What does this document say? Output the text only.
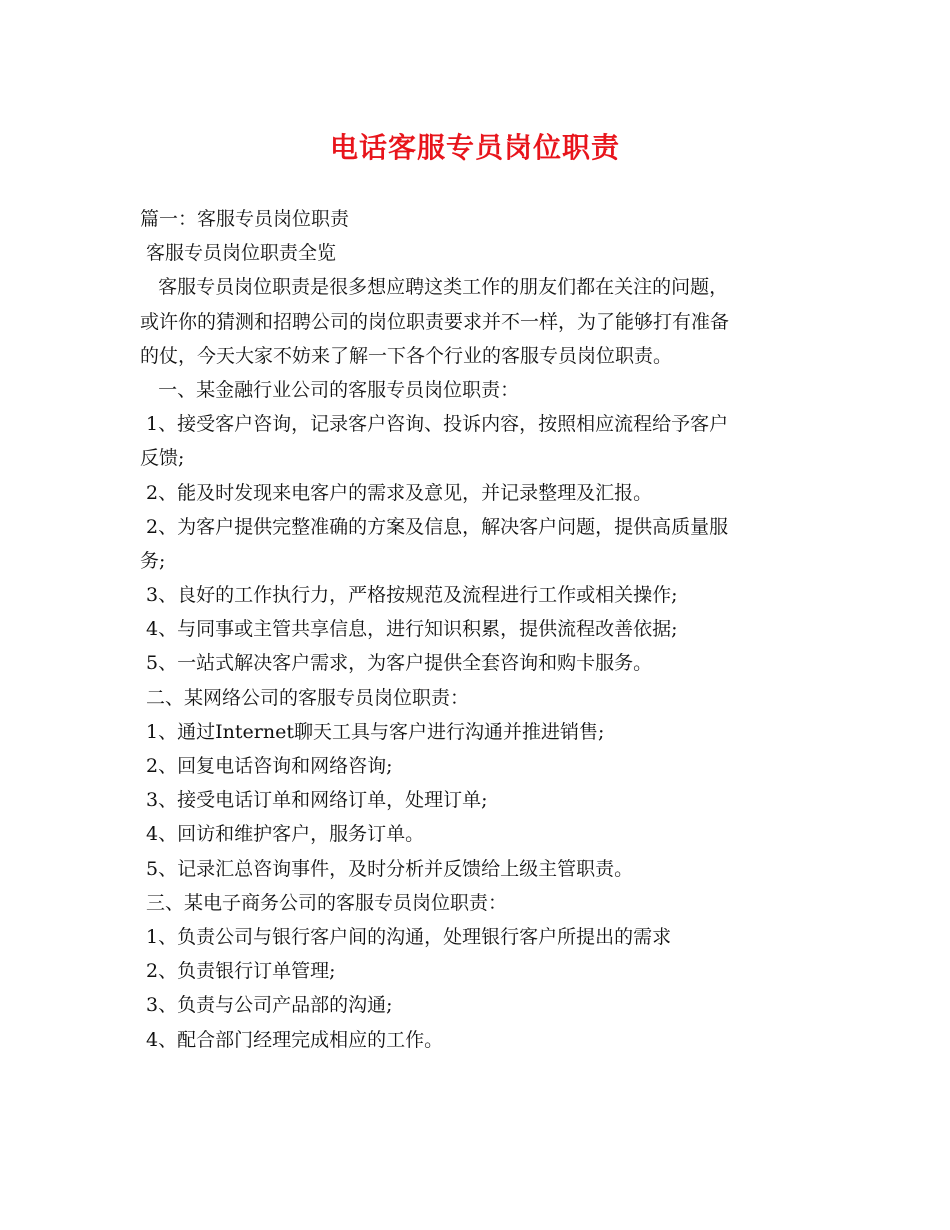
电话客服专员岗位职责
篇一：客服专员岗位职责
客服专员岗位职责全览
客服专员岗位职责是很多想应聘这类工作的朋友们都在关注的问题，
或许你的猜测和招聘公司的岗位职责要求并不一样，为了能够打有准备
的仗，今天大家不妨来了解一下各个行业的客服专员岗位职责。
一、某金融行业公司的客服专员岗位职责：
1、接受客户咨询，记录客户咨询、投诉内容，按照相应流程给予客户
反馈;
2、能及时发现来电客户的需求及意见，并记录整理及汇报。
2、为客户提供完整准确的方案及信息，解决客户问题，提供高质量服
务;
3、良好的工作执行力，严格按规范及流程进行工作或相关操作;
4、与同事或主管共享信息，进行知识积累，提供流程改善依据;
5、一站式解决客户需求，为客户提供全套咨询和购卡服务。
二、某网络公司的客服专员岗位职责：
1、通过Internet聊天工具与客户进行沟通并推进销售;
2、回复电话咨询和网络咨询;
3、接受电话订单和网络订单，处理订单;
4、回访和维护客户，服务订单。
5、记录汇总咨询事件，及时分析并反馈给上级主管职责。
三、某电子商务公司的客服专员岗位职责：
1、负责公司与银行客户间的沟通，处理银行客户所提出的需求
2、负责银行订单管理;
3、负责与公司产品部的沟通;
4、配合部门经理完成相应的工作。
